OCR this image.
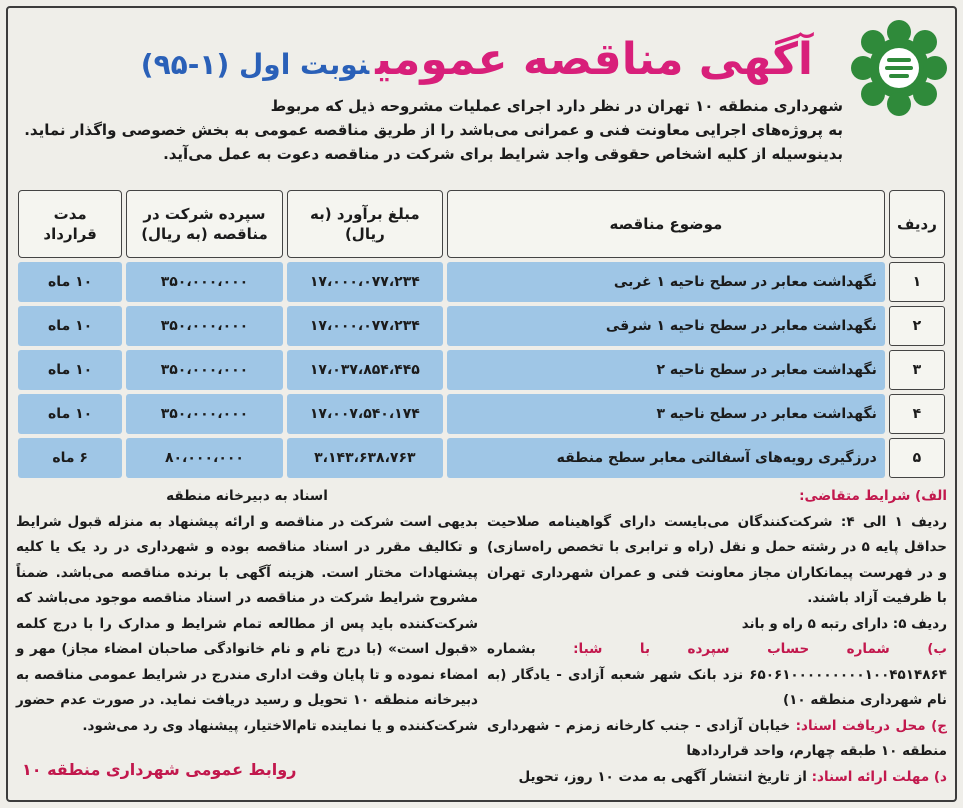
آگهی مناقصه عمومینوبت اول (۱-۹۵)
شهرداری منطقه ۱۰ تهران در نظر دارد اجرای عملیات مشروحه ذیل که مربوط
به پروژه‌های اجرایی معاونت فنی و عمرانی می‌باشد را از طریق مناقصه عمومی به بخش خصوصی واگذار نماید.
بدینوسیله از کلیه اشخاص حقوقی واجد شرایط برای شرکت در مناقصه دعوت به عمل می‌آید.
ردیف	موضوع مناقصه	مبلغ برآورد (به ریال)	سپرده شرکت در مناقصه (به ریال)	مدت قرارداد
۱	نگهداشت معابر در سطح ناحیه ۱ غربی	۱۷،۰۰۰،۰۷۷،۲۳۴	۳۵۰،۰۰۰،۰۰۰	۱۰ ماه
۲	نگهداشت معابر در سطح ناحیه ۱ شرقی	۱۷،۰۰۰،۰۷۷،۲۳۴	۳۵۰،۰۰۰،۰۰۰	۱۰ ماه
۳	نگهداشت معابر در سطح ناحیه ۲	۱۷،۰۳۷،۸۵۴،۴۴۵	۳۵۰،۰۰۰،۰۰۰	۱۰ ماه
۴	نگهداشت معابر در سطح ناحیه ۳	۱۷،۰۰۷،۵۴۰،۱۷۴	۳۵۰،۰۰۰،۰۰۰	۱۰ ماه
۵	درزگیری رویه‌های آسفالتی معابر سطح منطقه	۳،۱۴۳،۶۳۸،۷۶۳	۸۰،۰۰۰،۰۰۰	۶ ماه
الف) شرایط متقاضی:
ردیف ۱ الی ۴: شرکت‌کنندگان می‌بایست دارای گواهینامه صلاحیت حداقل پایه ۵ در رشته حمل و نقل (راه و ترابری با تخصص راه‌سازی) و در فهرست پیمانکاران مجاز معاونت فنی و عمران شهرداری تهران با ظرفیت آزاد باشند.
ردیف ۵: دارای رتبه ۵ راه و باند
ب) شماره حساب سپرده با شبا: بشماره ۶۵۰۶۱۰۰۰۰۰۰۰۰۰۱۰۰۴۵۱۴۸۶۴ نزد بانک شهر شعبه آزادی - یادگار (به نام شهرداری منطقه ۱۰)
ج) محل دریافت اسناد: خیابان آزادی - جنب کارخانه زمزم - شهرداری منطقه ۱۰ طبقه چهارم، واحد قراردادها
د) مهلت ارائه اسناد: از تاریخ انتشار آگهی به مدت ۱۰ روز، تحویل
اسناد به دبیرخانه منطقه
بدیهی است شرکت در مناقصه و ارائه پیشنهاد به منزله قبول شرایط و تکالیف مقرر در اسناد مناقصه بوده و شهرداری در رد یک یا کلیه پیشنهادات مختار است. هزینه آگهی با برنده مناقصه می‌باشد. ضمناً مشروح شرایط شرکت در مناقصه در اسناد مناقصه موجود می‌باشد که شرکت‌کننده باید پس از مطالعه تمام شرایط و مدارک را با درج کلمه «قبول است» (با درج نام و نام خانوادگی صاحبان امضاء مجاز) مهر و امضاء نموده و تا پایان وقت اداری مندرج در شرایط عمومی مناقصه به دبیرخانه منطقه ۱۰ تحویل و رسید دریافت نماید. در صورت عدم حضور شرکت‌کننده و یا نماینده تام‌الاختیار، پیشنهاد وی رد می‌شود.
روابط عمومی شهرداری منطقه ۱۰
